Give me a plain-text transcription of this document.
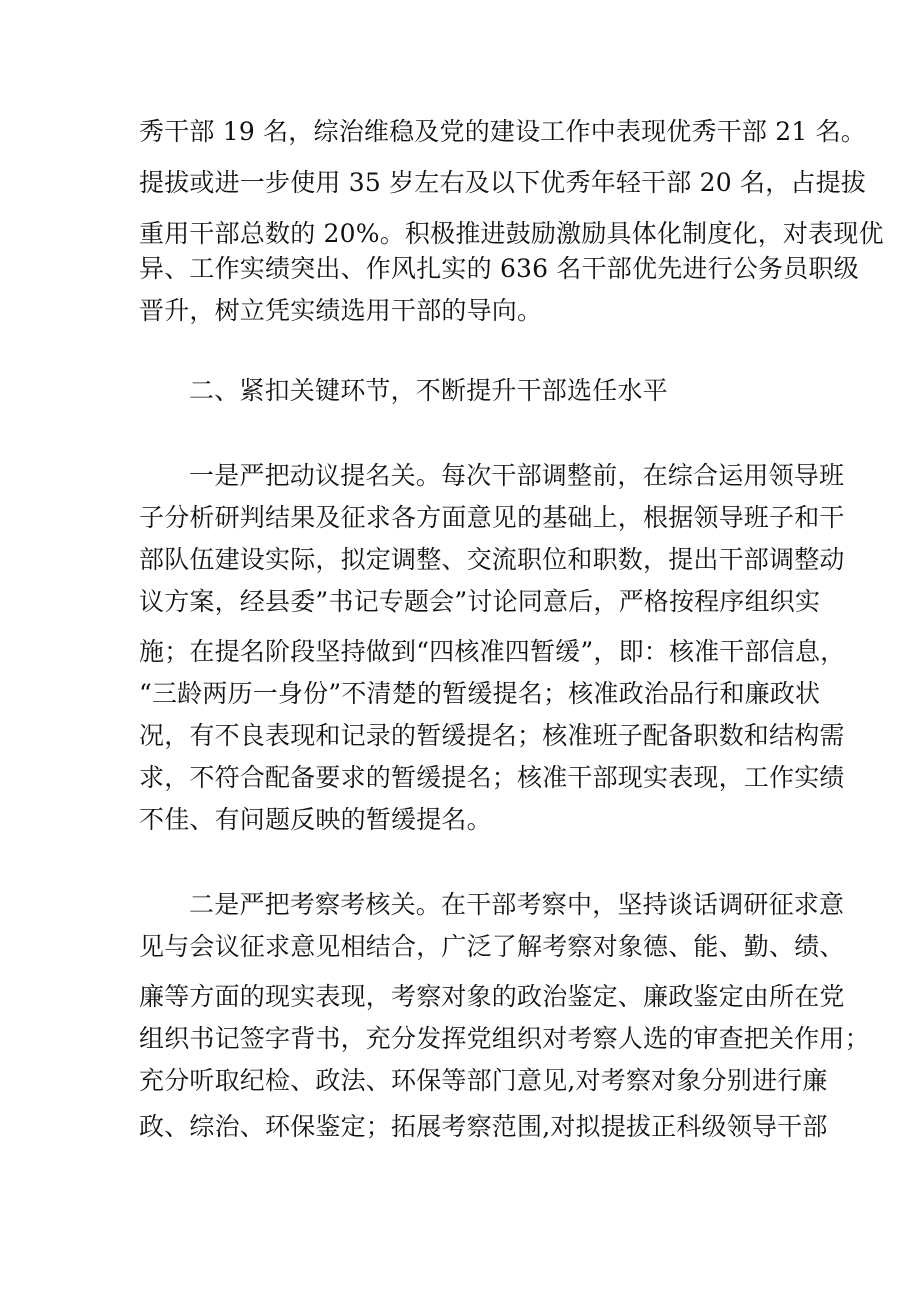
秀干部 19 名，综治维稳及党的建设工作中表现优秀干部 21 名。
提拔或进一步使用 35 岁左右及以下优秀年轻干部 20 名，占提拔
重用干部总数的 20%。积极推进鼓励激励具体化制度化，对表现优
异、工作实绩突出、作风扎实的 636 名干部优先进行公务员职级
晋升，树立凭实绩选用干部的导向。
二、紧扣关键环节，不断提升干部选任水平
一是严把动议提名关。每次干部调整前，在综合运用领导班
子分析研判结果及征求各方面意见的基础上，根据领导班子和干
部队伍建设实际，拟定调整、交流职位和职数，提出干部调整动
议方案，经县委”书记专题会”讨论同意后，严格按程序组织实
施；在提名阶段坚持做到“四核准四暂缓”，即：核准干部信息，
“三龄两历一身份”不清楚的暂缓提名；核准政治品行和廉政状
况，有不良表现和记录的暂缓提名；核准班子配备职数和结构需
求，不符合配备要求的暂缓提名；核准干部现实表现，工作实绩
不佳、有问题反映的暂缓提名。
二是严把考察考核关。在干部考察中，坚持谈话调研征求意
见与会议征求意见相结合，广泛了解考察对象德、能、勤、绩、
廉等方面的现实表现，考察对象的政治鉴定、廉政鉴定由所在党
组织书记签字背书，充分发挥党组织对考察人选的审查把关作用；
充分听取纪检、政法、环保等部门意见,对考察对象分别进行廉
政、综治、环保鉴定；拓展考察范围,对拟提拔正科级领导干部
